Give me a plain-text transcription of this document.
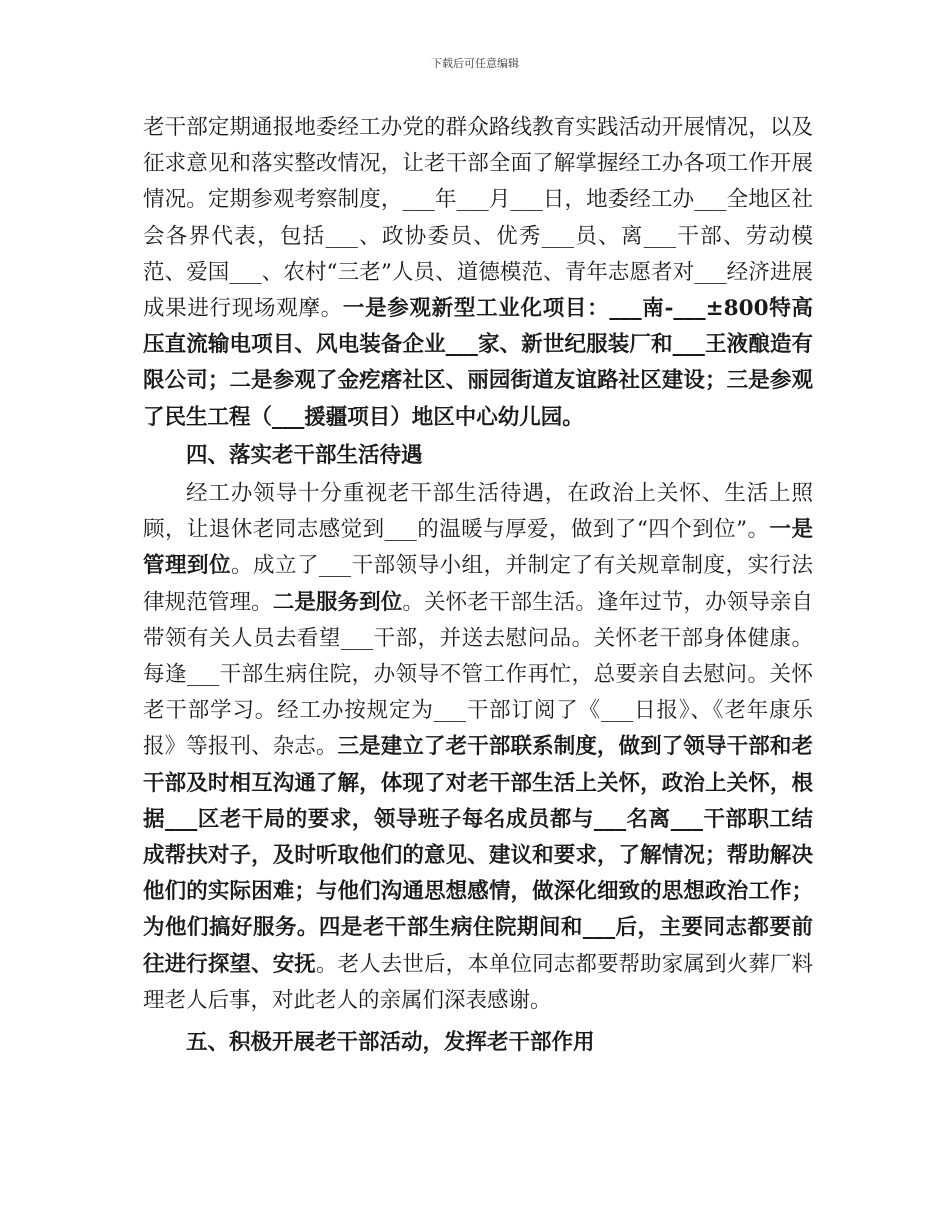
下载后可任意编辑

老干部定期通报地委经工办党的群众路线教育实践活动开展情况，以及征求意见和落实整改情况，让老干部全面了解掌握经工办各项工作开展情况。定期参观考察制度，___年___月___日，地委经工办___全地区社会各界代表，包括___、政协委员、优秀___员、离___干部、劳动模范、爱国___、农村“三老”人员、道德模范、青年志愿者对___经济进展成果进行现场观摩。一是参观新型工业化项目：___南-___±800特高压直流输电项目、风电装备企业___家、新世纪服装厂和___王液酿造有限公司；二是参观了金疙瘩社区、丽园街道友谊路社区建设；三是参观了民生工程（___援疆项目）地区中心幼儿园。

四、落实老干部生活待遇

经工办领导十分重视老干部生活待遇，在政治上关怀、生活上照顾，让退休老同志感觉到___的温暖与厚爱，做到了“四个到位”。一是管理到位。成立了___干部领导小组，并制定了有关规章制度，实行法律规范管理。二是服务到位。关怀老干部生活。逢年过节，办领导亲自带领有关人员去看望___干部，并送去慰问品。关怀老干部身体健康。每逢___干部生病住院，办领导不管工作再忙，总要亲自去慰问。关怀老干部学习。经工办按规定为___干部订阅了《___日报》、《老年康乐报》等报刊、杂志。三是建立了老干部联系制度，做到了领导干部和老干部及时相互沟通了解，体现了对老干部生活上关怀，政治上关怀，根据___区老干局的要求，领导班子每名成员都与___名离___干部职工结成帮扶对子，及时听取他们的意见、建议和要求，了解情况；帮助解决他们的实际困难；与他们沟通思想感情，做深化细致的思想政治工作；为他们搞好服务。四是老干部生病住院期间和___后，主要同志都要前往进行探望、安抚。老人去世后，本单位同志都要帮助家属到火葬厂料理老人后事，对此老人的亲属们深表感谢。

五、积极开展老干部活动，发挥老干部作用
